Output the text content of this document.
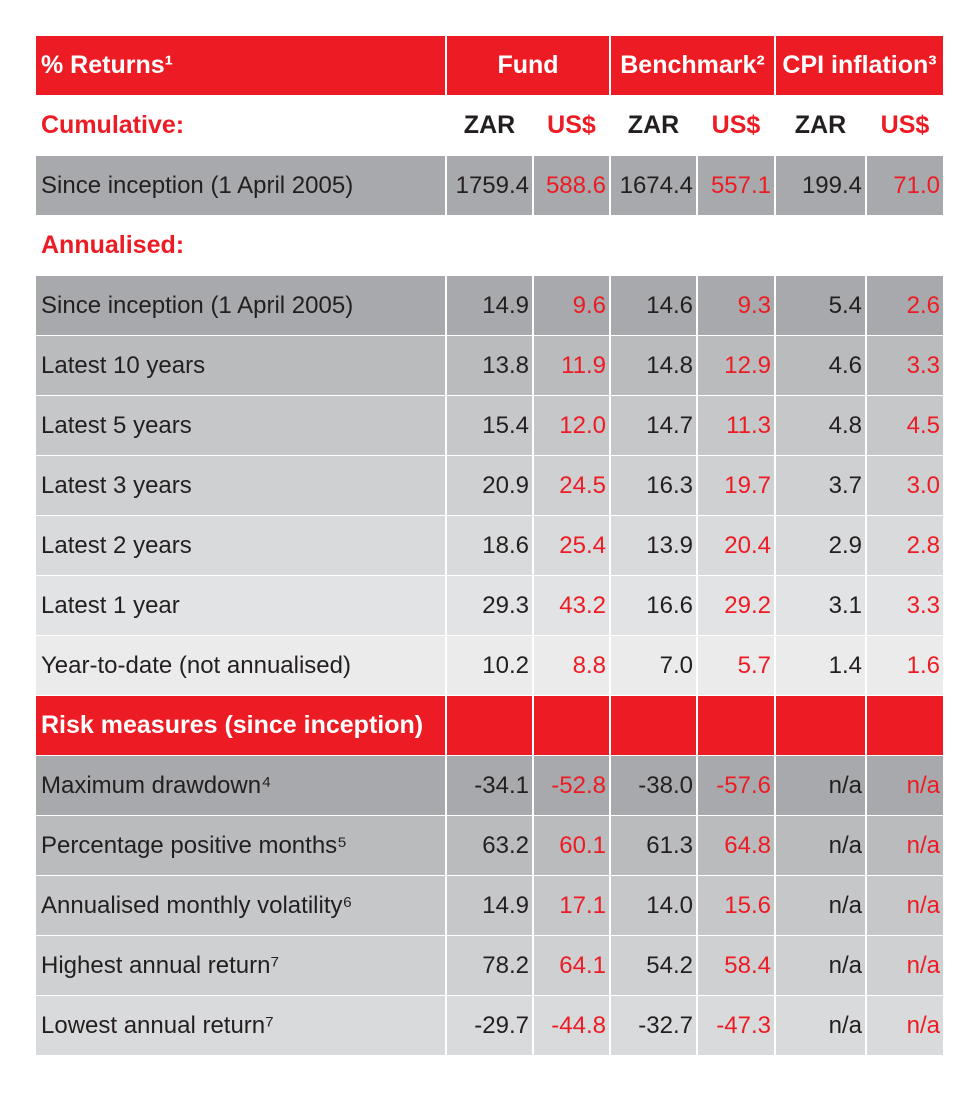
% Returns¹	Fund		Benchmark²		CPI inflation³	
Cumulative:	ZAR	US$	ZAR	US$	ZAR	US$
Since inception (1 April 2005)	1759.4	588.6	1674.4	557.1	199.4	71.0
Annualised:						
Since inception (1 April 2005)	14.9	9.6	14.6	9.3	5.4	2.6
Latest 10 years	13.8	11.9	14.8	12.9	4.6	3.3
Latest 5 years	15.4	12.0	14.7	11.3	4.8	4.5
Latest 3 years	20.9	24.5	16.3	19.7	3.7	3.0
Latest 2 years	18.6	25.4	13.9	20.4	2.9	2.8
Latest 1 year	29.3	43.2	16.6	29.2	3.1	3.3
Year-to-date (not annualised)	10.2	8.8	7.0	5.7	1.4	1.6
Risk measures (since inception)						
Maximum drawdown⁴	-34.1	-52.8	-38.0	-57.6	n/a	n/a
Percentage positive months⁵	63.2	60.1	61.3	64.8	n/a	n/a
Annualised monthly volatility⁶	14.9	17.1	14.0	15.6	n/a	n/a
Highest annual return⁷	78.2	64.1	54.2	58.4	n/a	n/a
Lowest annual return⁷	-29.7	-44.8	-32.7	-47.3	n/a	n/a
